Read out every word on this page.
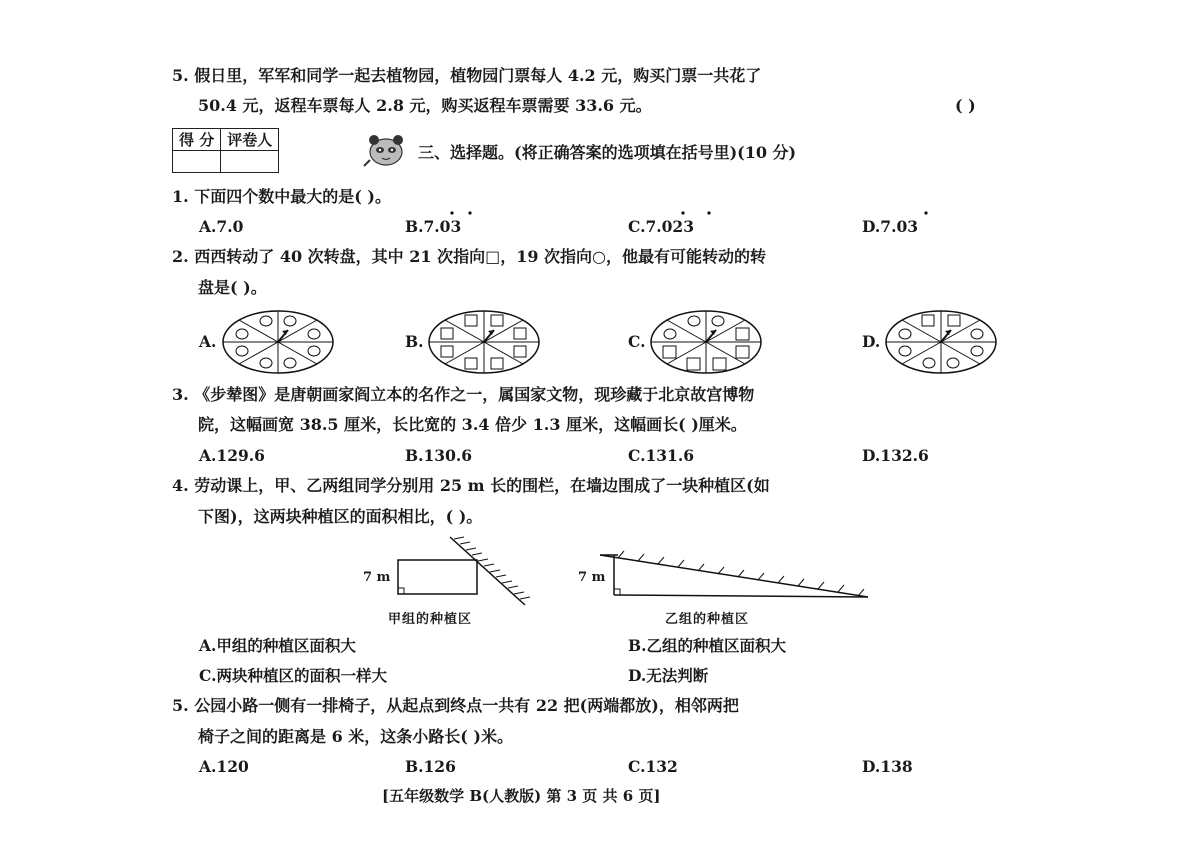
5. 假日里，军军和同学一起去植物园，植物园门票每人 4.2 元，购买门票一共花了
50.4 元，返程车票每人 2.8 元，购买返程车票需要 33.6 元。	( )
得 分	评卷人

三、选择题。(将正确答案的选项填在括号里)(10 分)
1. 下面四个数中最大的是( )。
A.7.0	B.7.03	C.7.023	D.7.03
2. 西西转动了 40 次转盘，其中 21 次指向□，19 次指向○，他最有可能转动的转
盘是( )。
A.	B.	C.	D.
3. 《步辇图》是唐朝画家阎立本的名作之一，属国家文物，现珍藏于北京故宫博物
院，这幅画宽 38.5 厘米，长比宽的 3.4 倍少 1.3 厘米，这幅画长( )厘米。
A.129.6	B.130.6	C.131.6	D.132.6
4. 劳动课上，甲、乙两组同学分别用 25 m 长的围栏，在墙边围成了一块种植区(如
下图)，这两块种植区的面积相比，( )。
7 m
甲组的种植区
7 m
乙组的种植区
A.甲组的种植区面积大	B.乙组的种植区面积大
C.两块种植区的面积一样大	D.无法判断
5. 公园小路一侧有一排椅子，从起点到终点一共有 22 把(两端都放)，相邻两把
椅子之间的距离是 6 米，这条小路长( )米。
A.120	B.126	C.132	D.138
[五年级数学 B(人教版) 第 3 页 共 6 页]
